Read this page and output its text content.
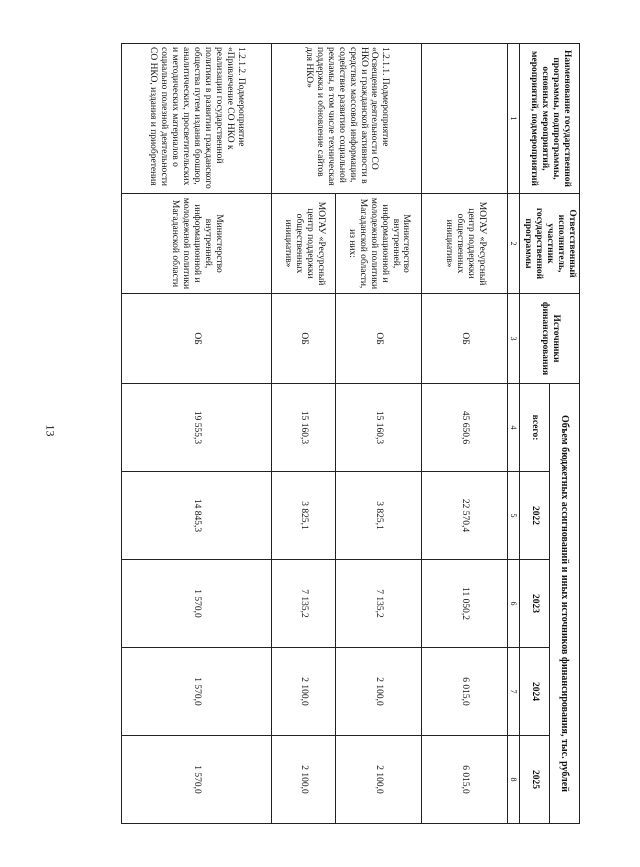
13
Наименование государственной программы, подпрограммы, основных мероприятий, мероприятий, подмероприятий	Ответственный исполнитель, участник государственной программы	Источники финансирования	Объем бюджетных ассигнований и иных источников финансирования, тыс. рублей				
			всего:	2022	2023	2024	2025
1	2	3	4	5	6	7	8
	МОГАУ «Ресурсный центр поддержки общественных инициатив»	ОБ	45 650,6	22 570,4	11 050,2	6 015,0	6 015,0
1.2.1.1. Подмероприятие «Освещение деятельности СО НКО и гражданской активности в средствах массовой информации, содействие развитию социальной рекламы, в том числе техническая поддержка и обновление сайтов для НКО»	Министерство внутренней, информационной и молодежной политики Магаданской области, из них:	ОБ	15 160,3	3 825,1	7 135,2	2 100,0	2 100,0
	МОГАУ «Ресурсный центр поддержки общественных инициатив»	ОБ	15 160,3	3 825,1	7 135,2	2 100,0	2 100,0
1.2.1.2. Подмероприятие «Привлечение СО НКО к реализации государственной политики в развитии гражданского общества путем издания брошюр, аналитических, просветительских и методических материалов о социально полезной деятельности СО НКО, издания и приобретения	Министерство внутренней, информационной и молодежной политики Магаданской области	ОБ	19 555,3	14 845,3	1 570,0	1 570,0	1 570,0
